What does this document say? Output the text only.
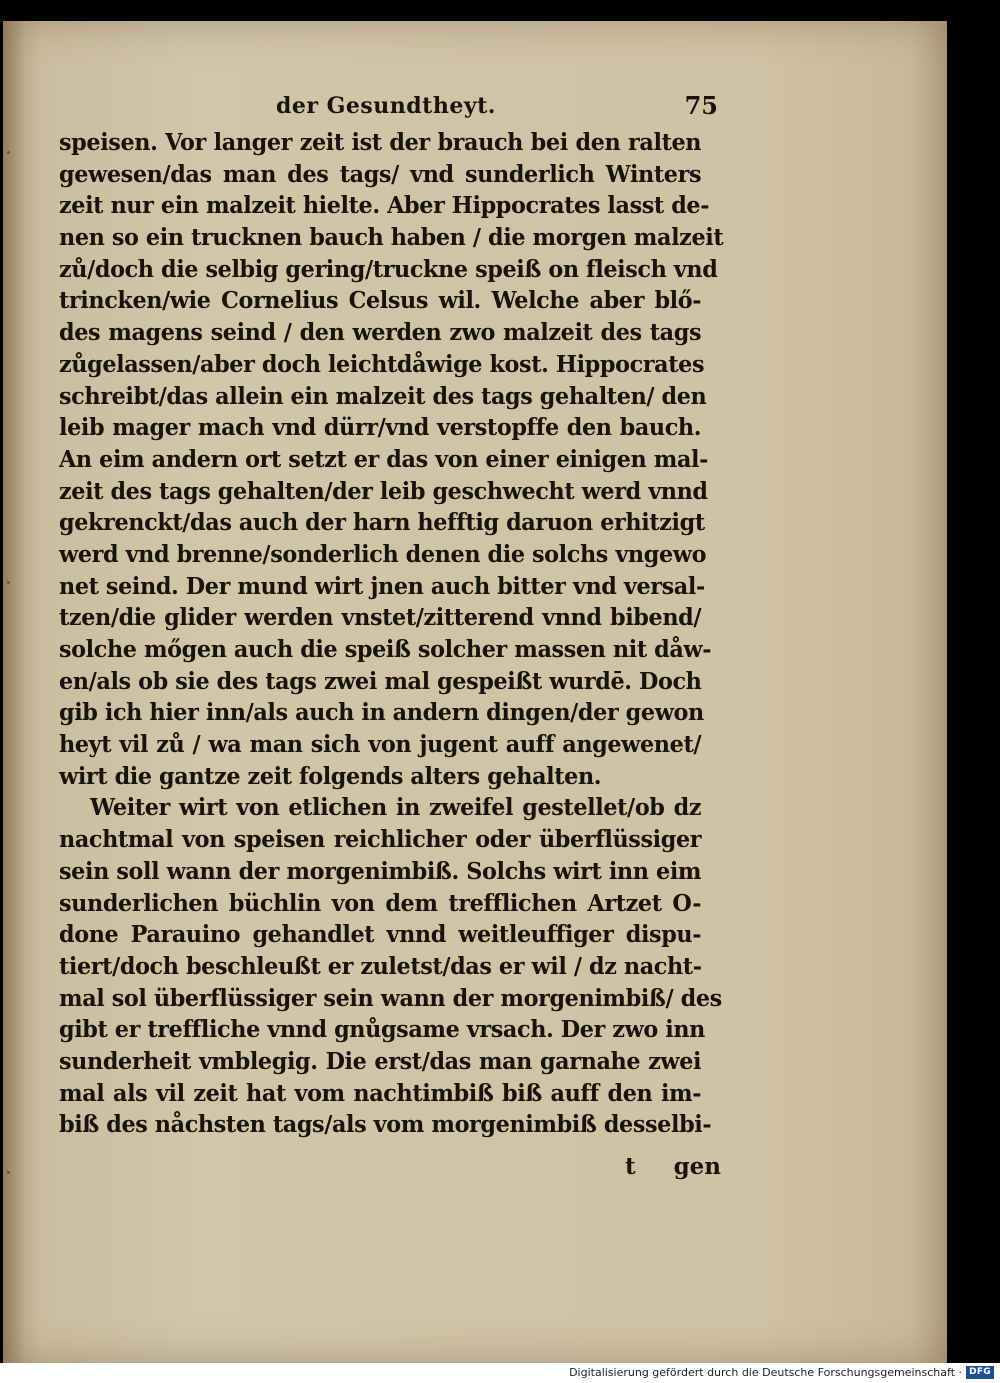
der Gesundtheyt.	75
speisen. Vor langer zeit ist der brauch bei den ralten
gewesen/das man des tags/ vnd sunderlich Winters
zeit nur ein malzeit hielte. Aber Hippocrates lasst de-
nen so ein trucknen bauch haben / die morgen malzeit
zů/doch die selbig gering/truckne speiß on fleisch vnd
trincken/wie Cornelius Celsus wil. Welche aber blő-
des magens seind / den werden zwo malzeit des tags
zůgelassen/aber doch leichtdåwige kost. Hippocrates
schreibt/das allein ein malzeit des tags gehalten/ den
leib mager mach vnd dürr/vnd verstopffe den bauch.
An eim andern ort setzt er das von einer einigen mal-
zeit des tags gehalten/der leib geschwecht werd vnnd
gekrenckt/das auch der harn hefftig daruon erhitzigt
werd vnd brenne/sonderlich denen die solchs vngewo
net seind. Der mund wirt jnen auch bitter vnd versal-
tzen/die glider werden vnstet/zitterend vnnd bibend/
solche mőgen auch die speiß solcher massen nit dåw-
en/als ob sie des tags zwei mal gespeißt wurdē. Doch
gib ich hier inn/als auch in andern dingen/der gewon
heyt vil zů / wa man sich von jugent auff angewenet/
wirt die gantze zeit folgends alters gehalten.
Weiter wirt von etlichen in zweifel gestellet/ob dz
nachtmal von speisen reichlicher oder überflüssiger
sein soll wann der morgenimbiß. Solchs wirt inn eim
sunderlichen büchlin von dem trefflichen Artzet O-
done Parauino gehandlet vnnd weitleuffiger dispu-
tiert/doch beschleußt er zuletst/das er wil / dz nacht-
mal sol überflüssiger sein wann der morgenimbiß/ des
gibt er treffliche vnnd gnůgsame vrsach. Der zwo inn
sunderheit vmblegig. Die erst/das man garnahe zwei
mal als vil zeit hat vom nachtimbiß biß auff den im-
biß des nåchsten tags/als vom morgenimbiß desselbi-
t gen
Digitalisierung gefördert durch die Deutsche Forschungsgemeinschaft · DFG
